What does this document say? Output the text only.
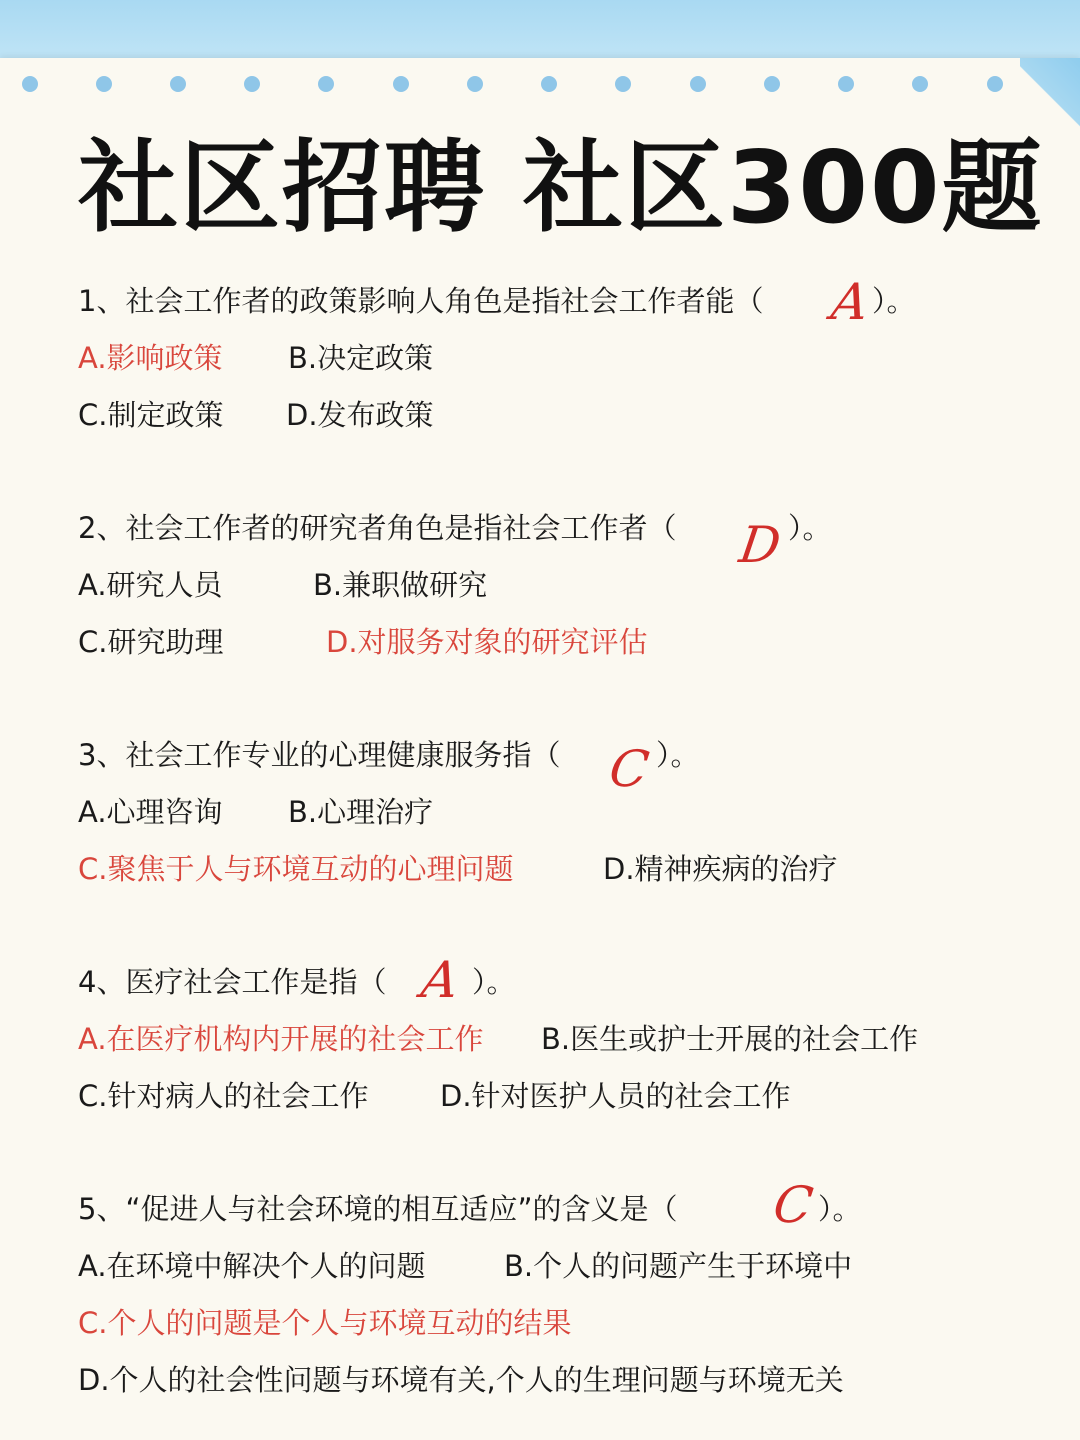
社区招聘 社区300题
1、社会工作者的政策影响人角色是指社会工作者能（ A ）。
A.影响政策 B.决定政策
C.制定政策 D.发布政策
2、社会工作者的研究者角色是指社会工作者（ D ）。
A.研究人员	B.兼职做研究
C.研究助理	D.对服务对象的研究评估
3、社会工作专业的心理健康服务指（ C ）。
A.心理咨询 B.心理治疗
C.聚焦于人与环境互动的心理问题	D.精神疾病的治疗
4、医疗社会工作是指（ A ）。
A.在医疗机构内开展的社会工作 B.医生或护士开展的社会工作
C.针对病人的社会工作 D.针对医护人员的社会工作
5、“促进人与社会环境的相互适应”的含义是（ C ）。
A.在环境中解决个人的问题	B.个人的问题产生于环境中
C.个人的问题是个人与环境互动的结果
D.个人的社会性问题与环境有关,个人的生理问题与环境无关
